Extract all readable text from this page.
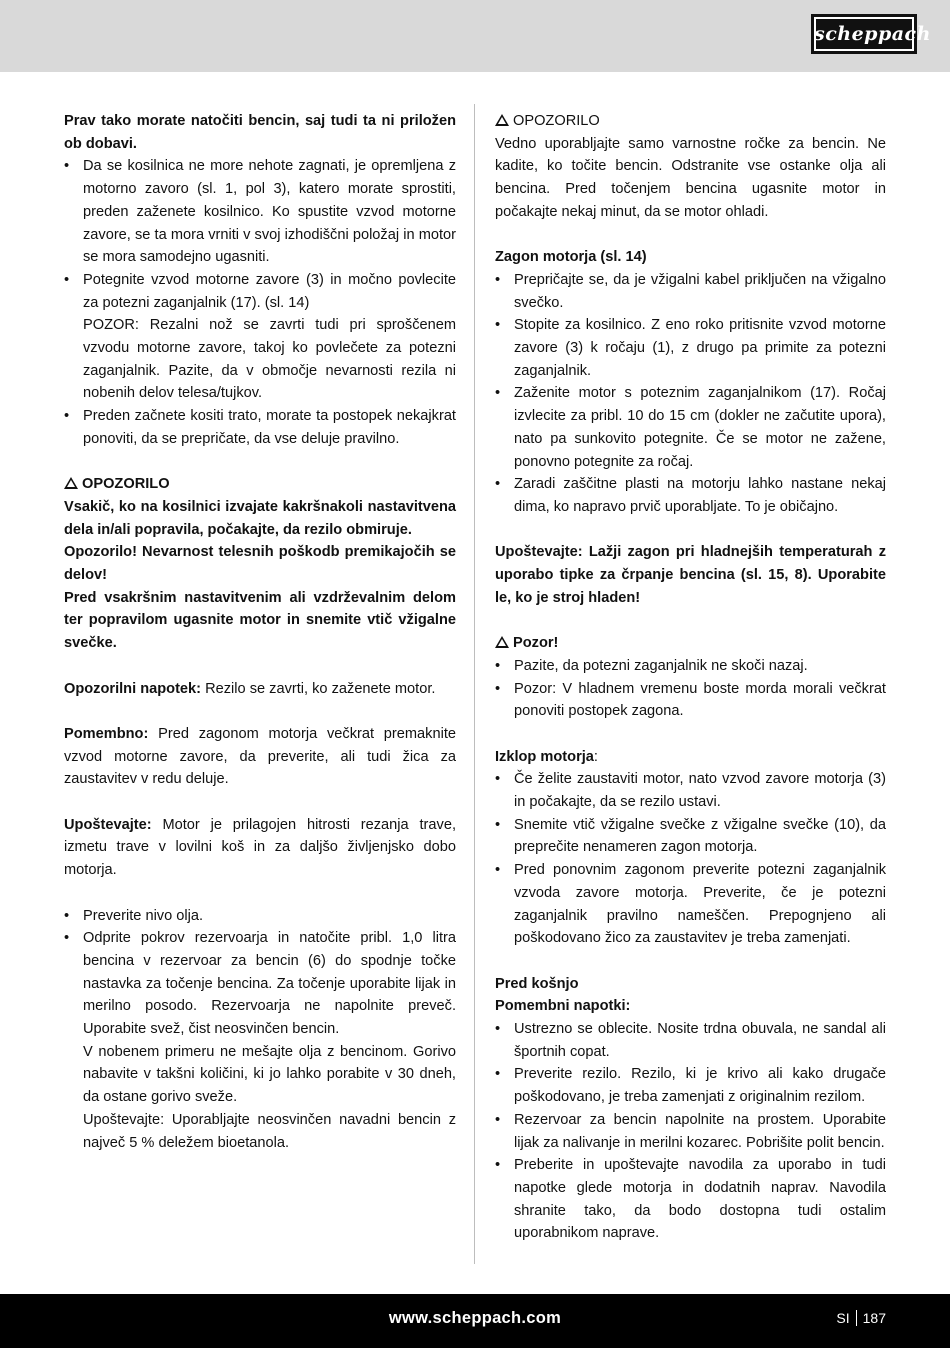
scheppach

Prav tako morate natočiti bencin, saj tudi ta ni priložen ob dobavi.

• Da se kosilnica ne more nehote zagnati, je opremljena z motorno zavoro (sl. 1, pol 3), katero morate sprostiti, preden zaženete kosilnico. Ko spustite vzvod motorne zavore, se ta mora vrniti v svoj izhodiščni položaj in motor se mora samodejno ugasniti.
• Potegnite vzvod motorne zavore (3) in močno povlecite za potezni zaganjalnik (17). (sl. 14)
POZOR: Rezalni nož se zavrti tudi pri sproščenem vzvodu motorne zavore, takoj ko povlečete za potezni zaganjalnik. Pazite, da v območje nevarnosti rezila ni nobenih delov telesa/tujkov.
• Preden začnete kositi trato, morate ta postopek nekajkrat ponoviti, da se prepričate, da vse deluje pravilno.

OPOZORILO

Vsakič, ko na kosilnici izvajate kakršnakoli nastavitvena dela in/ali popravila, počakajte, da rezilo obmiruje.

Opozorilo! Nevarnost telesnih poškodb premikajočih se delov!

Pred vsakršnim nastavitvenim ali vzdrževalnim delom ter popravilom ugasnite motor in snemite vtič vžigalne svečke.

Opozorilni napotek: Rezilo se zavrti, ko zaženete motor.

Pomembno: Pred zagonom motorja večkrat premaknite vzvod motorne zavore, da preverite, ali tudi žica za zaustavitev v redu deluje.

Upoštevajte: Motor je prilagojen hitrosti rezanja trave, izmetu trave v lovilni koš in za daljšo življenjsko dobo motorja.

• Preverite nivo olja.
• Odprite pokrov rezervoarja in natočite pribl. 1,0 litra bencina v rezervoar za bencin (6) do spodnje točke nastavka za točenje bencina. Za točenje uporabite lijak in merilno posodo. Rezervoarja ne napolnite preveč. Uporabite svež, čist neosvinčen bencin.
V nobenem primeru ne mešajte olja z bencinom. Gorivo nabavite v takšni količini, ki jo lahko porabite v 30 dneh, da ostane gorivo sveže.
Upoštevajte: Uporabljajte neosvinčen navadni bencin z največ 5 % deležem bioetanola.

OPOZORILO

Vedno uporabljajte samo varnostne ročke za bencin. Ne kadite, ko točite bencin. Odstranite vse ostanke olja ali bencina. Pred točenjem bencina ugasnite motor in počakajte nekaj minut, da se motor ohladi.

Zagon motorja (sl. 14)

• Prepričajte se, da je vžigalni kabel priključen na vžigalno svečko.
• Stopite za kosilnico. Z eno roko pritisnite vzvod motorne zavore (3) k ročaju (1), z drugo pa primite za potezni zaganjalnik.
• Zaženite motor s poteznim zaganjalnikom (17). Ročaj izvlecite za pribl. 10 do 15 cm (dokler ne začutite upora), nato pa sunkovito potegnite. Če se motor ne zažene, ponovno potegnite za ročaj.
• Zaradi zaščitne plasti na motorju lahko nastane nekaj dima, ko napravo prvič uporabljate. To je običajno.

Upoštevajte: Lažji zagon pri hladnejših temperaturah z uporabo tipke za črpanje bencina (sl. 15, 8). Uporabite le, ko je stroj hladen!

Pozor!

• Pazite, da potezni zaganjalnik ne skoči nazaj.
• Pozor: V hladnem vremenu boste morda morali večkrat ponoviti postopek zagona.

Izklop motorja:

• Če želite zaustaviti motor, nato vzvod zavore motorja (3) in počakajte, da se rezilo ustavi.
• Snemite vtič vžigalne svečke z vžigalne svečke (10), da preprečite nenameren zagon motorja.
• Pred ponovnim zagonom preverite potezni zaganjalnik vzvoda zavore motorja. Preverite, če je potezni zaganjalnik pravilno nameščen. Prepognjeno ali poškodovano žico za zaustavitev je treba zamenjati.

Pred košnjo

Pomembni napotki:

• Ustrezno se oblecite. Nosite trdna obuvala, ne sandal ali športnih copat.
• Preverite rezilo. Rezilo, ki je krivo ali kako drugače poškodovano, je treba zamenjati z originalnim rezilom.
• Rezervoar za bencin napolnite na prostem. Uporabite lijak za nalivanje in merilni kozarec. Pobrišite polit bencin.
• Preberite in upoštevajte navodila za uporabo in tudi napotke glede motorja in dodatnih naprav. Navodila shranite tako, da bodo dostopna tudi ostalim uporabnikom naprave.
www.scheppach.com	SI 187
